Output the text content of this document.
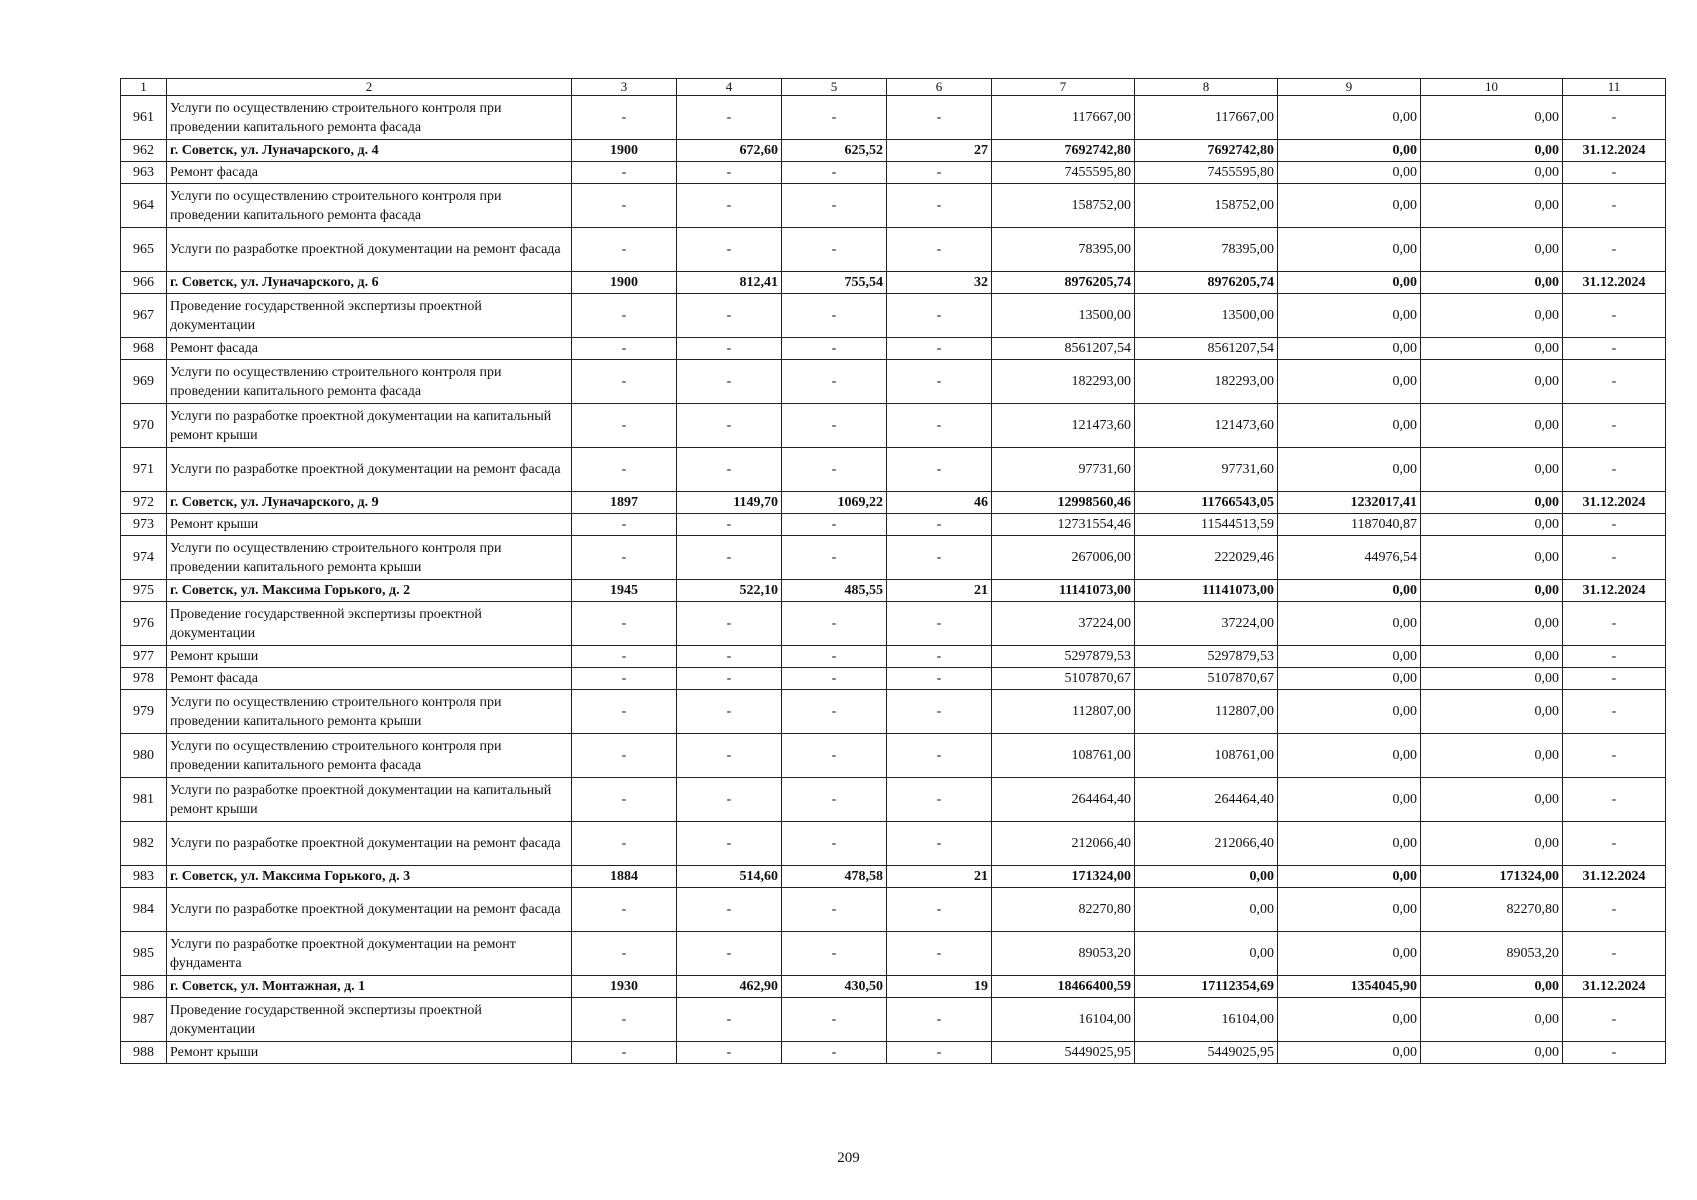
1	2	3	4	5	6	7	8	9	10	11
961	Услуги по осуществлению строительного контроля при проведении капитального ремонта фасада	-	-	-	-	117667,00	117667,00	0,00	0,00	-
962	г. Советск, ул. Луначарского, д. 4	1900	672,60	625,52	27	7692742,80	7692742,80	0,00	0,00	31.12.2024
963	Ремонт фасада	-	-	-	-	7455595,80	7455595,80	0,00	0,00	-
964	Услуги по осуществлению строительного контроля при проведении капитального ремонта фасада	-	-	-	-	158752,00	158752,00	0,00	0,00	-
965	Услуги по разработке проектной документации на ремонт фасада	-	-	-	-	78395,00	78395,00	0,00	0,00	-
966	г. Советск, ул. Луначарского, д. 6	1900	812,41	755,54	32	8976205,74	8976205,74	0,00	0,00	31.12.2024
967	Проведение государственной экспертизы проектной документации	-	-	-	-	13500,00	13500,00	0,00	0,00	-
968	Ремонт фасада	-	-	-	-	8561207,54	8561207,54	0,00	0,00	-
969	Услуги по осуществлению строительного контроля при проведении капитального ремонта фасада	-	-	-	-	182293,00	182293,00	0,00	0,00	-
970	Услуги по разработке проектной документации на капитальный ремонт крыши	-	-	-	-	121473,60	121473,60	0,00	0,00	-
971	Услуги по разработке проектной документации на ремонт фасада	-	-	-	-	97731,60	97731,60	0,00	0,00	-
972	г. Советск, ул. Луначарского, д. 9	1897	1149,70	1069,22	46	12998560,46	11766543,05	1232017,41	0,00	31.12.2024
973	Ремонт крыши	-	-	-	-	12731554,46	11544513,59	1187040,87	0,00	-
974	Услуги по осуществлению строительного контроля при проведении капитального ремонта крыши	-	-	-	-	267006,00	222029,46	44976,54	0,00	-
975	г. Советск, ул. Максима Горького, д. 2	1945	522,10	485,55	21	11141073,00	11141073,00	0,00	0,00	31.12.2024
976	Проведение государственной экспертизы проектной документации	-	-	-	-	37224,00	37224,00	0,00	0,00	-
977	Ремонт крыши	-	-	-	-	5297879,53	5297879,53	0,00	0,00	-
978	Ремонт фасада	-	-	-	-	5107870,67	5107870,67	0,00	0,00	-
979	Услуги по осуществлению строительного контроля при проведении капитального ремонта крыши	-	-	-	-	112807,00	112807,00	0,00	0,00	-
980	Услуги по осуществлению строительного контроля при проведении капитального ремонта фасада	-	-	-	-	108761,00	108761,00	0,00	0,00	-
981	Услуги по разработке проектной документации на капитальный ремонт крыши	-	-	-	-	264464,40	264464,40	0,00	0,00	-
982	Услуги по разработке проектной документации на ремонт фасада	-	-	-	-	212066,40	212066,40	0,00	0,00	-
983	г. Советск, ул. Максима Горького, д. 3	1884	514,60	478,58	21	171324,00	0,00	0,00	171324,00	31.12.2024
984	Услуги по разработке проектной документации на ремонт фасада	-	-	-	-	82270,80	0,00	0,00	82270,80	-
985	Услуги по разработке проектной документации на ремонт фундамента	-	-	-	-	89053,20	0,00	0,00	89053,20	-
986	г. Советск, ул. Монтажная, д. 1	1930	462,90	430,50	19	18466400,59	17112354,69	1354045,90	0,00	31.12.2024
987	Проведение государственной экспертизы проектной документации	-	-	-	-	16104,00	16104,00	0,00	0,00	-
988	Ремонт крыши	-	-	-	-	5449025,95	5449025,95	0,00	0,00	-
209
